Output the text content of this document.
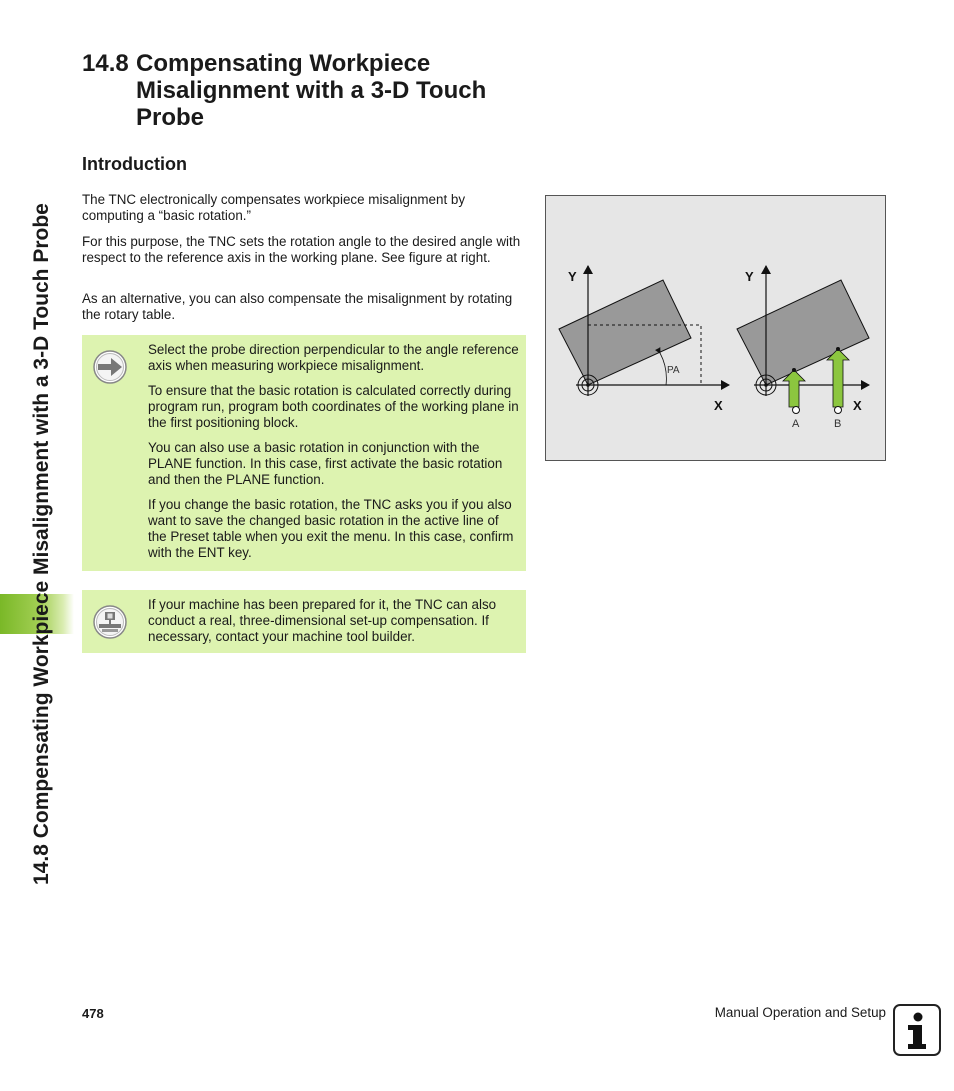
14.8 Compensating Workpiece Misalignment with a 3-D Touch Probe
14.8 Compensating Workpiece Misalignment with a 3-D Touch Probe
Introduction

The TNC electronically compensates workpiece misalignment by computing a “basic rotation.”

For this purpose, the TNC sets the rotation angle to the desired angle with respect to the reference axis in the working plane. See figure at right.

As an alternative, you can also compensate the misalignment by rotating the rotary table.

Select the probe direction perpendicular to the angle reference axis when measuring workpiece misalignment.

To ensure that the basic rotation is calculated correctly during program run, program both coordinates of the working plane in the first positioning block.

You can also use a basic rotation in conjunction with the PLANE function. In this case, first activate the basic rotation and then the PLANE function.

If you change the basic rotation, the TNC asks you if you also want to save the changed basic rotation in the active line of the Preset table when you exit the menu. In this case, confirm with the ENT key.

If your machine has been prepared for it, the TNC can also conduct a real, three-dimensional set-up compensation. If necessary, contact your machine tool builder.

Y
X
PA
Y
X
A	B
478	Manual Operation and Setup
